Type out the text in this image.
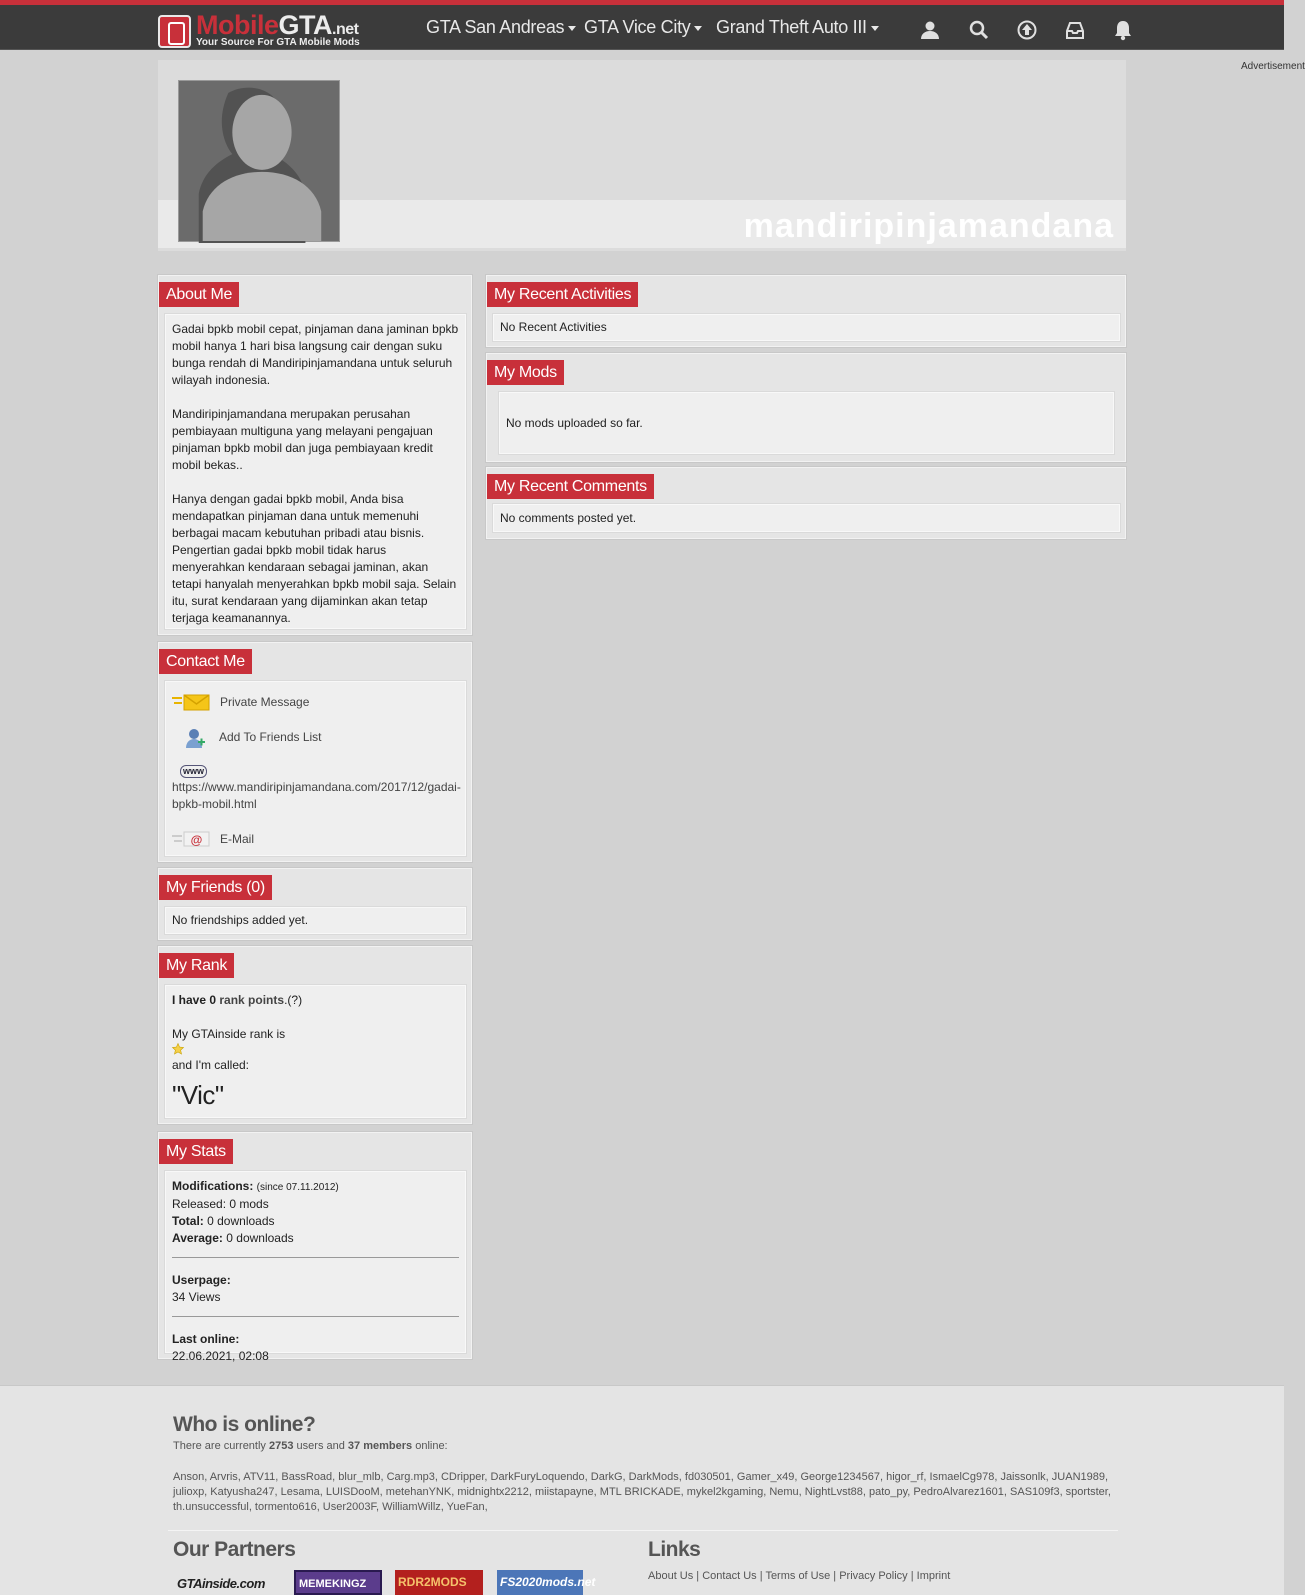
MobileGTA.net
Your Source For GTA Mobile Mods
GTA San Andreas	GTA Vice City	Grand Theft Auto III
Advertisement
mandiripinjamandana
About Me

Gadai bpkb mobil cepat, pinjaman dana jaminan bpkb mobil hanya 1 hari bisa langsung cair dengan suku bunga rendah di Mandiripinjamandana untuk seluruh wilayah indonesia.

Mandiripinjamandana merupakan perusahan pembiayaan multiguna yang melayani pengajuan pinjaman bpkb mobil dan juga pembiayaan kredit mobil bekas..

Hanya dengan gadai bpkb mobil, Anda bisa mendapatkan pinjaman dana untuk memenuhi berbagai macam kebutuhan pribadi atau bisnis. Pengertian gadai bpkb mobil tidak harus menyerahkan kendaraan sebagai jaminan, akan tetapi hanyalah menyerahkan bpkb mobil saja. Selain itu, surat kendaraan yang dijaminkan akan tetap terjaga keamanannya.

Contact Me
Private Message
Add To Friends List
www
https://www.mandiripinjamandana.com/2017/12/gadai-bpkb-mobil.html
@ E-Mail
My Friends (0)
No friendships added yet.
My Rank
I have 0 rank points.(?)
My GTAinside rank is
and I'm called:
"Vic"
My Stats
Modifications: (since 07.11.2012)
Released: 0 mods
Total: 0 downloads
Average: 0 downloads
Userpage:
34 Views
Last online:
22.06.2021, 02:08
My Recent Activities
No Recent Activities
My Mods
No mods uploaded so far.
My Recent Comments
No comments posted yet.
Who is online?
There are currently 2753 users and 37 members online:
Anson, Arvris, ATV11, BassRoad, blur_mlb, Carg.mp3, CDripper, DarkFuryLoquendo, DarkG, DarkMods, fd030501, Gamer_x49, George1234567, higor_rf, IsmaelCg978, Jaissonlk, JUAN1989, julioxp, Katyusha247, Lesama, LUISDooM, metehanYNK, midnightx2212, miistapayne, MTL BRICKADE, mykel2kgaming, Nemu, NightLvst88, pato_py, PedroAlvarez1601, SAS109f3, sportster, th.unsuccessful, tormento616, User2003F, WilliamWillz, YueFan,
Our Partners	Links
About Us | Contact Us | Terms of Use | Privacy Policy | Imprint
GTAinside.com	MEMEKINGZ	RDR2MODS	FS2020mods.net
